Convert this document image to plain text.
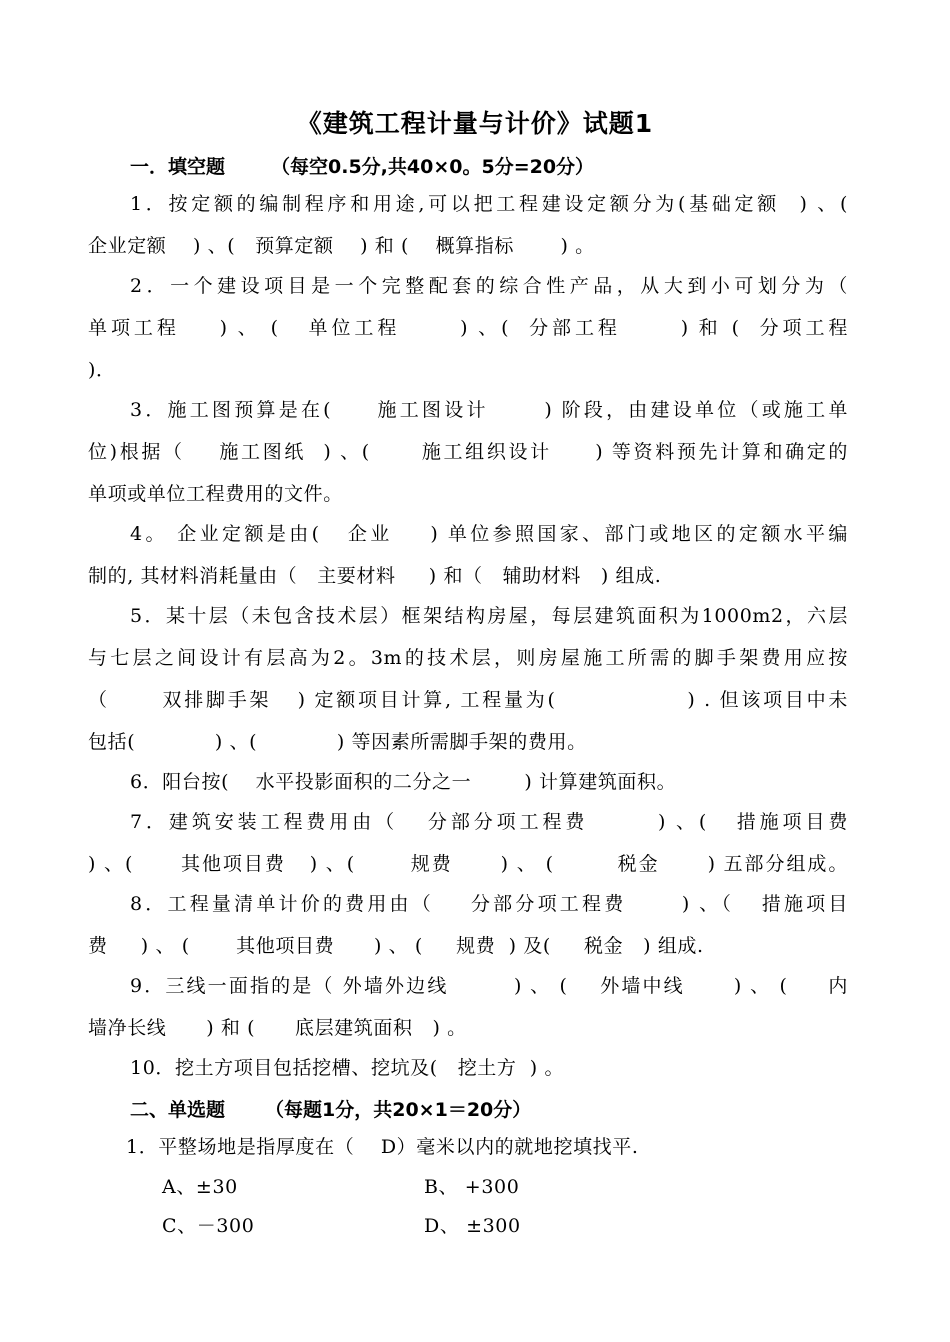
《建筑工程计量与计价》试题1
一．填空题 （每空0.5分,共40×0。5分=20分）
1．按定额的编制程序和用途,可以把工程建设定额分为(基础定额  ) 、(
企业定额    ) 、(   预算定额    ) 和 (    概算指标       ) 。
2．一个建设项目是一个完整配套的综合性产品，从大到小可划分为（
单项工程    ) 、 (   单位工程      ) 、(  分部工程      ) 和 (  分项工程
)．
3．施工图预算是在(     施工图设计      ) 阶段，由建设单位（或施工单
位)根据（    施工图纸  ) 、(      施工组织设计     ) 等资料预先计算和确定的
单项或单位工程费用的文件。
4。 企业定额是由(   企业    ) 单位参照国家、部门或地区的定额水平编
制的, 其材料消耗量由（   主要材料     ) 和（   辅助材料   ) 组成.
5．某十层（未包含技术层）框架结构房屋，每层建筑面积为1000m2，六层
与七层之间设计有层高为2。3m的技术层，则房屋施工所需的脚手架费用应按
（      双排脚手架   ) 定额项目计算, 工程量为(               ) . 但该项目中未
包括(            ) 、(            ) 等因素所需脚手架的费用。
6．阳台按(    水平投影面积的二分之一        ) 计算建筑面积。
7．建筑安装工程费用由（   分部分项工程费       ) 、(   措施项目费
) 、(      其他项目费   ) 、(       规费      ) 、 (        税金      ) 五部分组成。
8．工程量清单计价的费用由（    分部分项工程费      ) 、（   措施项目
费     ) 、 (       其他项目费      ) 、 (     规费  ) 及(     税金   ) 组成.
9．三线一面指的是（ 外墙外边线        ) 、 (    外墙中线      ) 、 (     内
墙净长线      ) 和 (      底层建筑面积   ) 。
10．挖土方项目包括挖槽、挖坑及(   挖土方  ) 。
二、单选题 （每题1分，共20×1＝20分）
1．平整场地是指厚度在（    D）毫米以内的就地挖填找平.
A、±30	B、 +300
C、－300	D、 ±300
